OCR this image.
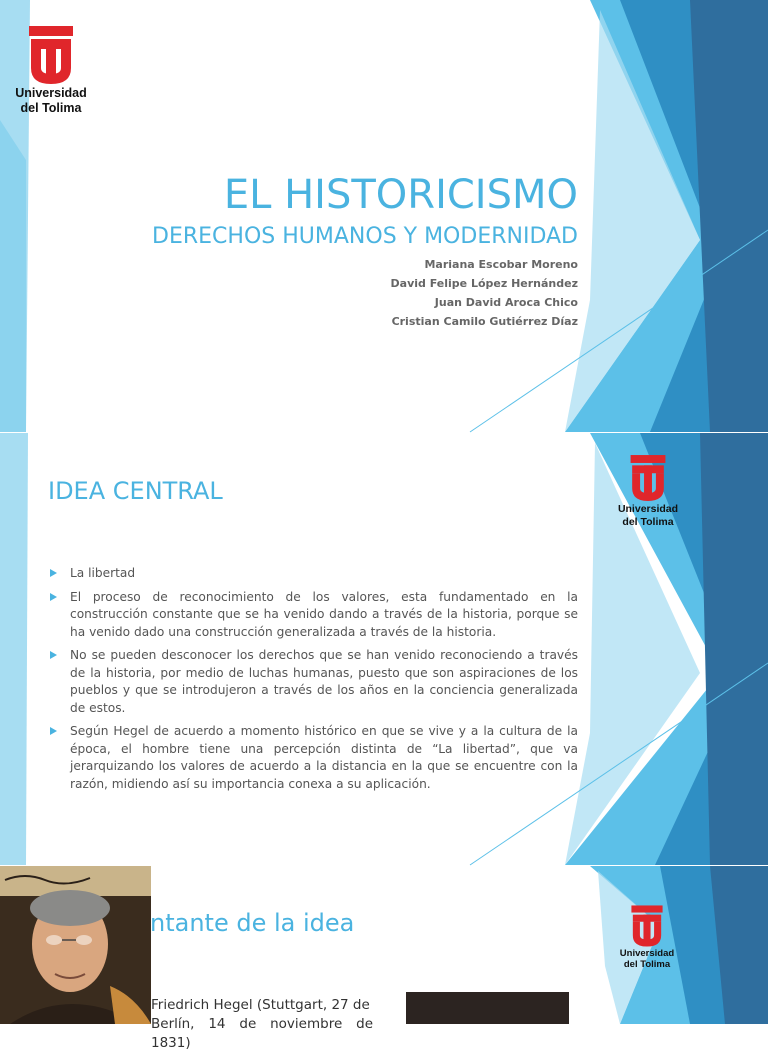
Universidad
del Tolima
EL HISTORICISMO
DERECHOS HUMANOS Y MODERNIDAD
Mariana Escobar Moreno
David Felipe López Hernández
Juan David Aroca Chico
Cristian Camilo Gutiérrez Díaz
Universidad
del Tolima
IDEA CENTRAL
La libertad
El proceso de reconocimiento de los valores, esta fundamentado en la construcción constante que se ha venido dando a través de la historia, porque se ha venido dado una construcción generalizada a través de la historia.
No se pueden desconocer los derechos que se han venido reconociendo a través de la historia, por medio de luchas humanas, puesto que son aspiraciones de los pueblos y que se introdujeron a través de los años en la conciencia generalizada de estos.
Según Hegel de acuerdo a momento histórico en que se vive y a la cultura de la época, el hombre tiene una percepción distinta de “La libertad”, que va jerarquizando los valores de acuerdo a la distancia en la que se encuentre con la razón, midiendo así su importancia conexa a su aplicación.
ntante de la idea
Universidad
del Tolima
Friedrich Hegel (Stuttgart, 27 de
Berlín, 14 de noviembre de 1831)
